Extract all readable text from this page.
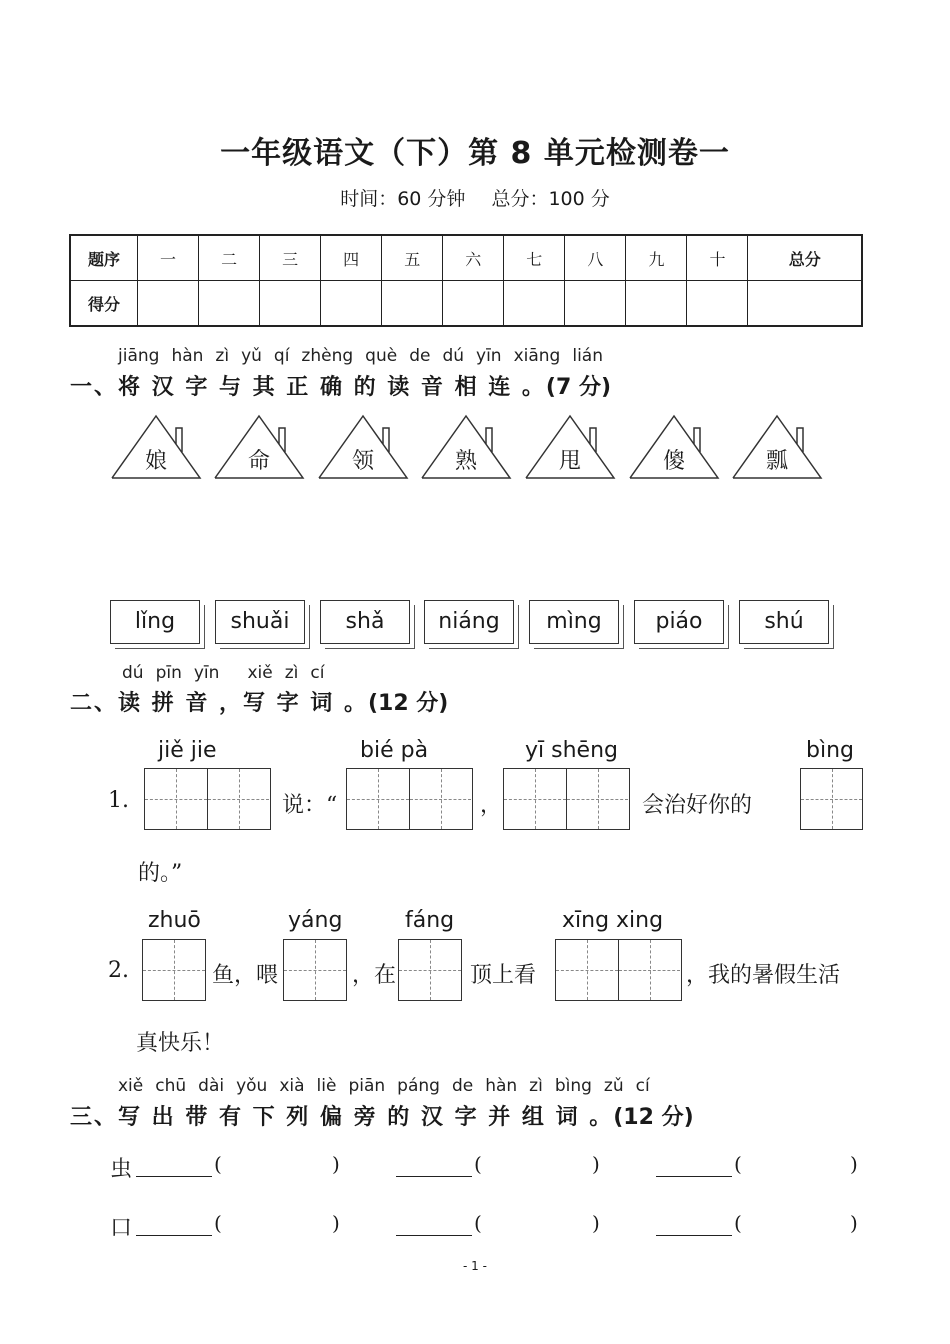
一年级语文（下）第 8 单元检测卷一
时间：60 分钟 总分：100 分
题序	一	二	三	四	五	六	七	八	九	十	总分
得分											
jiāng hàn zì yǔ qí zhèng què de dú yīn xiāng lián
一、将 汉 字 与 其 正 确 的 读 音 相 连 。(7 分)
娘	命	领	熟	甩	傻	瓢
lǐng	shuǎi	shǎ	niáng	mìng	piáo	shú
dú pīn yīn xiě zì cí
二、读 拼 音 ，写 字 词 。(12 分)
jiě jie	bié pà	yī shēng	bìng
1.	说：“	，	会治好你的
的。”
zhuō	yáng	fáng	xīng xing
2.	鱼，喂	，在	顶上看	，我的暑假生活
真快乐！
xiě chū dài yǒu xià liè piān páng de hàn zì bìng zǔ cí
三、写 出 带 有 下 列 偏 旁 的 汉 字 并 组 词 。(12 分)
虫	(	)	(	)	(	)
口	(	)	(	)	(	)
- 1 -
